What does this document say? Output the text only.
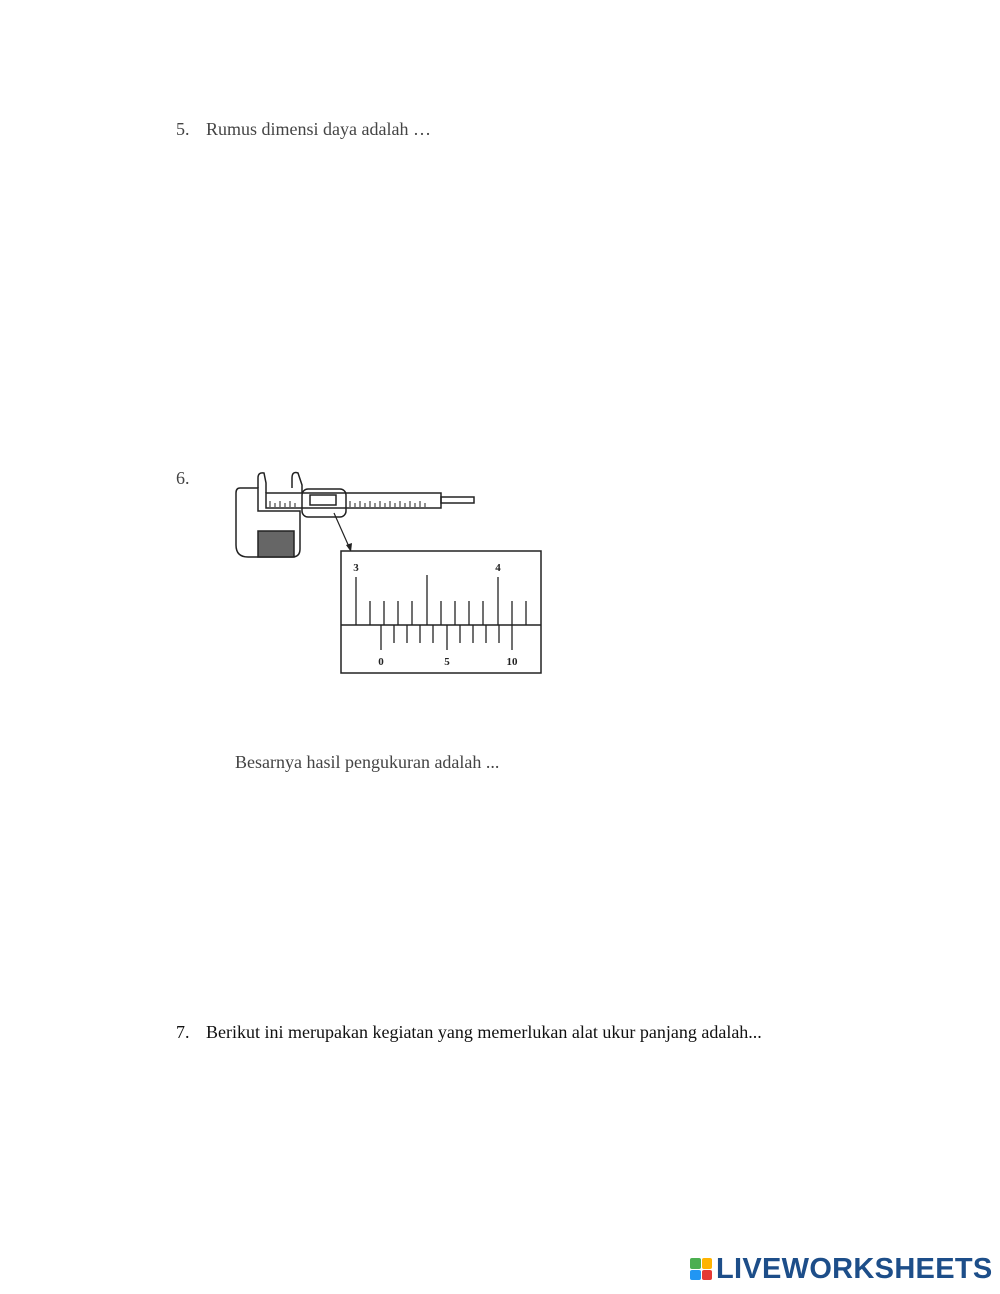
5. Rumus dimensi daya adalah …
6.
3	4
0	5	10
Besarnya hasil pengukuran adalah ...
7. Berikut ini merupakan kegiatan yang memerlukan alat ukur panjang adalah...
LIVEWORKSHEETS
